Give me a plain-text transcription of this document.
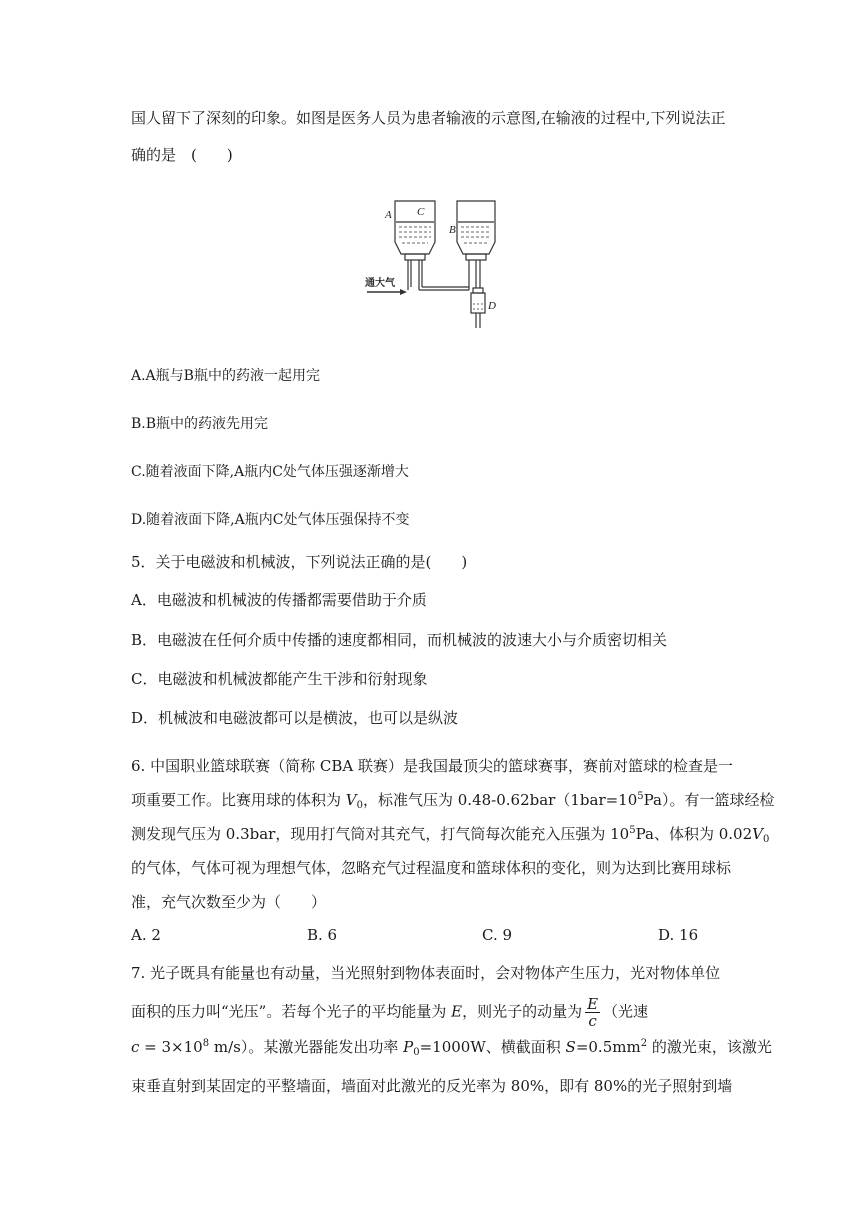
国人留下了深刻的印象。如图是医务人员为患者输液的示意图,在输液的过程中,下列说法正
确的是　(　　)
A C
B
D
通大气
A.A瓶与B瓶中的药液一起用完
B.B瓶中的药液先用完
C.随着液面下降,A瓶内C处气体压强逐渐增大
D.随着液面下降,A瓶内C处气体压强保持不变
5．关于电磁波和机械波，下列说法正确的是(　　)
A．电磁波和机械波的传播都需要借助于介质
B．电磁波在任何介质中传播的速度都相同，而机械波的波速大小与介质密切相关
C．电磁波和机械波都能产生干涉和衍射现象
D．机械波和电磁波都可以是横波，也可以是纵波
6. 中国职业篮球联赛（简称 CBA 联赛）是我国最顶尖的篮球赛事，赛前对篮球的检查是一
项重要工作。比赛用球的体积为 $V_0$，标准气压为 $0.48-0.62bar(1bar=10^5Pa)$。有一篮球经检
测发现气压为 0.3bar，现用打气筒对其充气，打气筒每次能充入压强为 $10^5Pa$、体积为 $0.02V_0$
的气体，气体可视为理想气体，忽略充气过程温度和篮球体积的变化，则为达到比赛用球标
准，充气次数至少为（　　）
A. 2	B. 6	C. 9	D. 16
7. 光子既具有能量也有动量，当光照射到物体表面时，会对物体产生压力，光对物体单位
面积的压力叫“光压”。若每个光子的平均能量为 E，则光子的动量为 $\frac{E}{c}$ （光速
$c = 3\times 10^8$ m/s）。某激光器能发出功率 $P_0=1000W$、横截面积 $S=0.5mm^2$ 的激光束，该激光
束垂直射到某固定的平整墙面，墙面对此激光的反光率为 80%，即有 80%的光子照射到墙
